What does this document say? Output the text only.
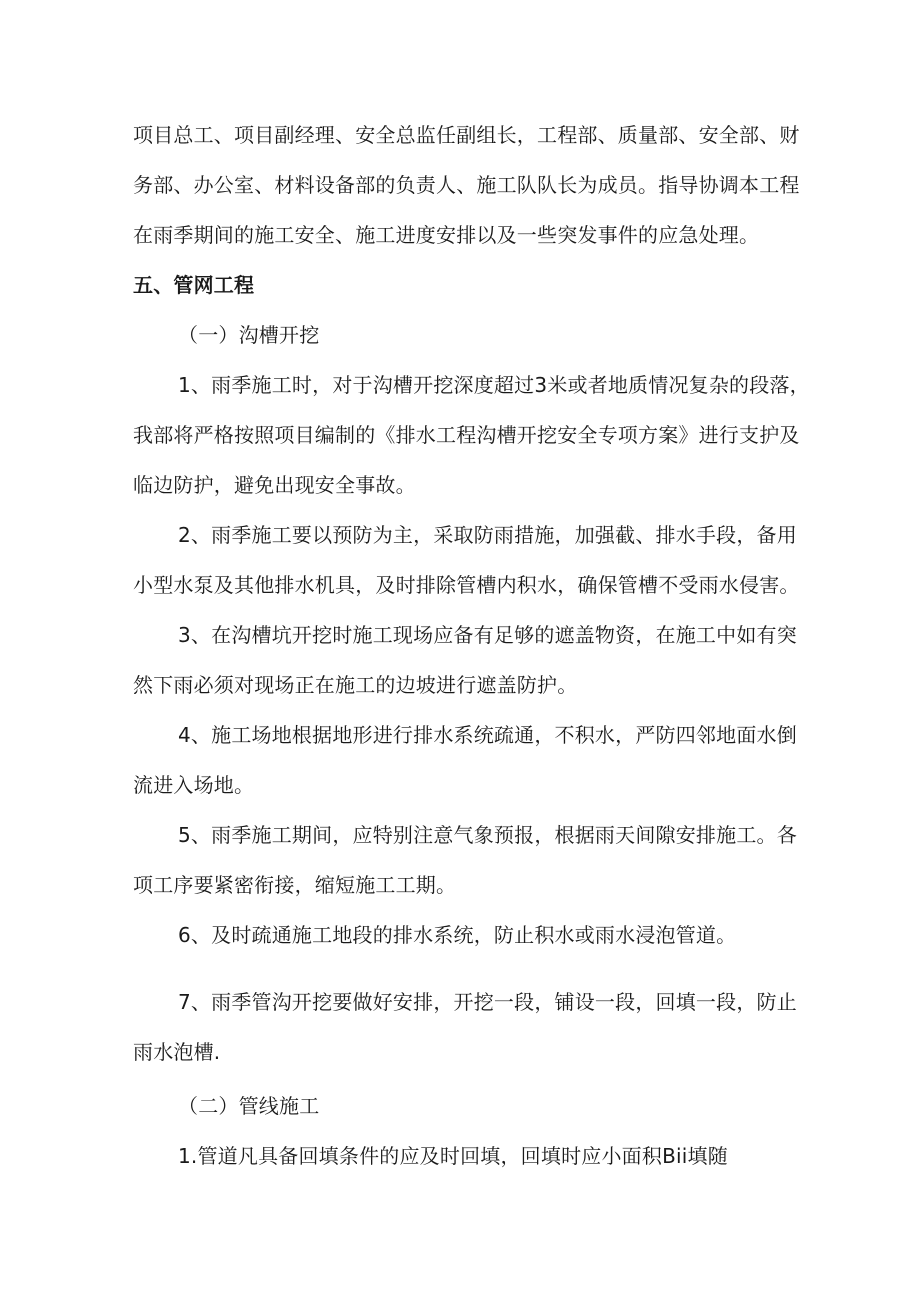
项目总工、项目副经理、安全总监任副组长，工程部、质量部、安全部、财
务部、办公室、材料设备部的负责人、施工队队长为成员。指导协调本工程
在雨季期间的施工安全、施工进度安排以及一些突发事件的应急处理。
五、管网工程
（一）沟槽开挖
1、雨季施工时，对于沟槽开挖深度超过3米或者地质情况复杂的段落，
我部将严格按照项目编制的《排水工程沟槽开挖安全专项方案》进行支护及
临边防护，避免出现安全事故。
2、雨季施工要以预防为主，采取防雨措施，加强截、排水手段，备用
小型水泵及其他排水机具，及时排除管槽内积水，确保管槽不受雨水侵害。
3、在沟槽坑开挖时施工现场应备有足够的遮盖物资，在施工中如有突
然下雨必须对现场正在施工的边坡进行遮盖防护。
4、施工场地根据地形进行排水系统疏通，不积水，严防四邻地面水倒
流进入场地。
5、雨季施工期间，应特别注意气象预报，根据雨天间隙安排施工。各
项工序要紧密衔接，缩短施工工期。
6、及时疏通施工地段的排水系统，防止积水或雨水浸泡管道。
7、雨季管沟开挖要做好安排，开挖一段，铺设一段，回填一段，防止
雨水泡槽.
（二）管线施工
1.管道凡具备回填条件的应及时回填，回填时应小面积Bii填随
